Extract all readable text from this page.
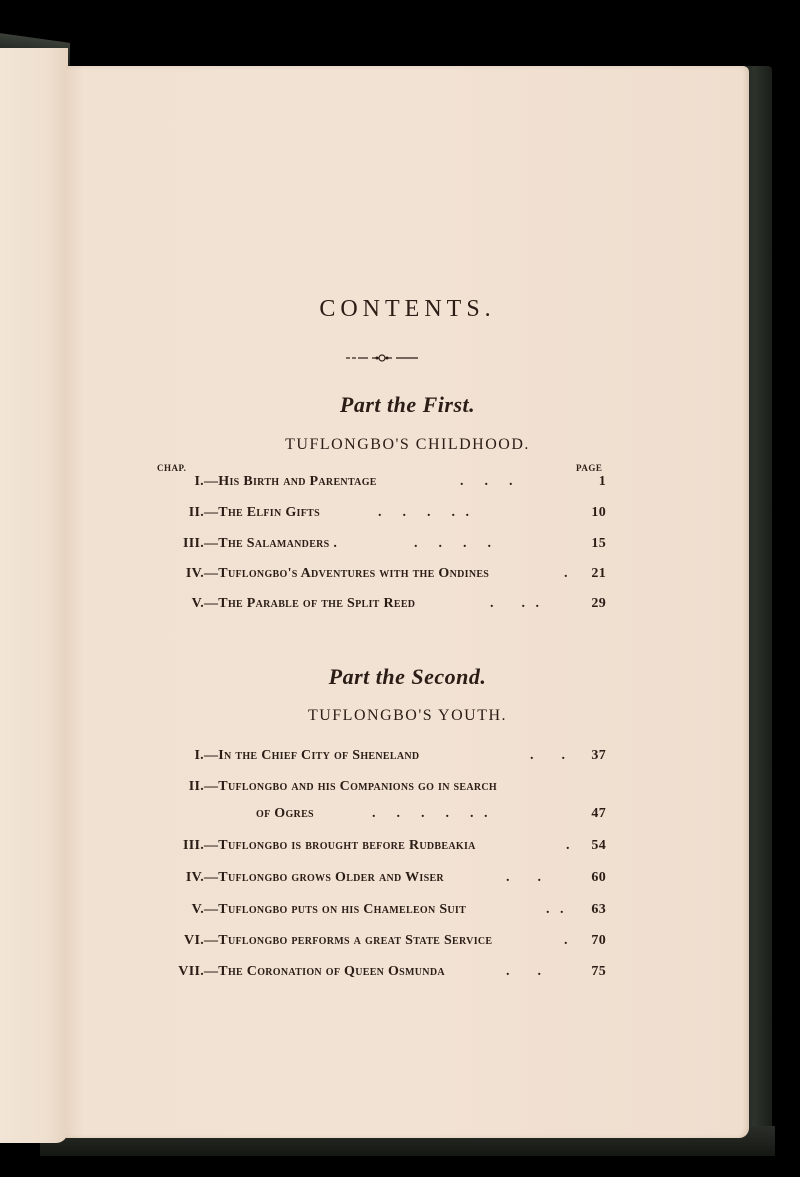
CONTENTS.
Part the First.
TUFLONGBO'S CHILDHOOD.
CHAP.	PAGE
I. —His Birth and Parentage	.      .      .	1
II. —The Elfin Gifts	.      .      .      .   .	10
III. —The Salamanders .	.      .      .      .	15
IV. —Tuflongbo's Adventures with the Ondines	. 21
V. —The Parable of the Split Reed	.        .   .	29
Part the Second.
TUFLONGBO'S YOUTH.
I. —In the Chief City of Sheneland	.        . 37
II. —Tuflongbo and his Companions go in search
of Ogres	.      .      .      .      .   .	47
III. —Tuflongbo is brought before Rudbeakia	. 54
IV. —Tuflongbo grows Older and Wiser	.        .	60
V. —Tuflongbo puts on his Chameleon Suit	.   . 63
VI. —Tuflongbo performs a great State Service	. 70
VII. —The Coronation of Queen Osmunda	.        .	75
